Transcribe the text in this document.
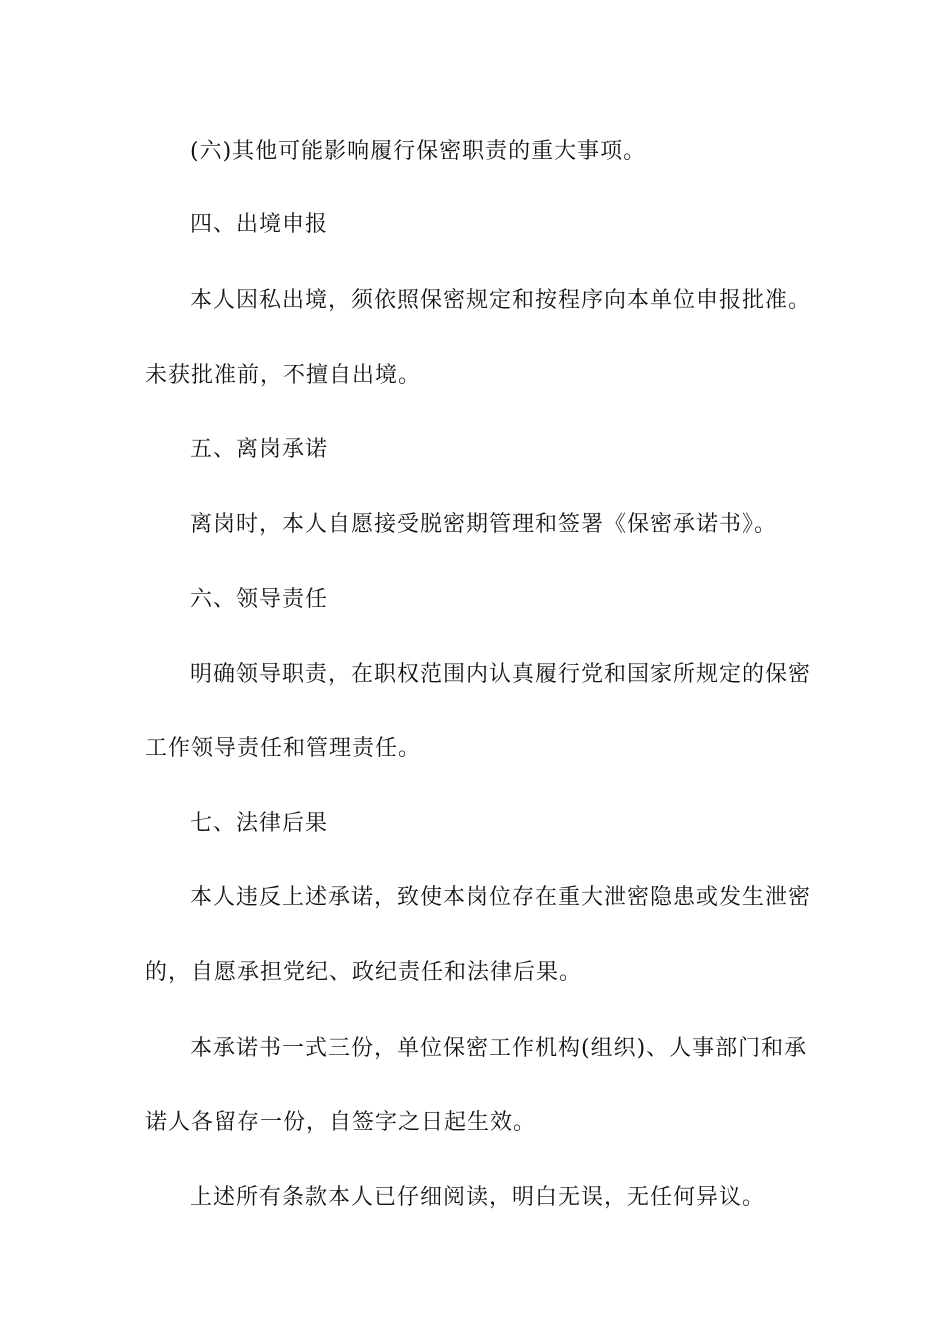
(六)其他可能影响履行保密职责的重大事项。
四、出境申报
本人因私出境，须依照保密规定和按程序向本单位申报批准。
未获批准前，不擅自出境。
五、离岗承诺
离岗时，本人自愿接受脱密期管理和签署《保密承诺书》。
六、领导责任
明确领导职责，在职权范围内认真履行党和国家所规定的保密
工作领导责任和管理责任。
七、法律后果
本人违反上述承诺，致使本岗位存在重大泄密隐患或发生泄密
的，自愿承担党纪、政纪责任和法律后果。
本承诺书一式三份，单位保密工作机构(组织)、人事部门和承
诺人各留存一份，自签字之日起生效。
上述所有条款本人已仔细阅读，明白无误，无任何异议。
